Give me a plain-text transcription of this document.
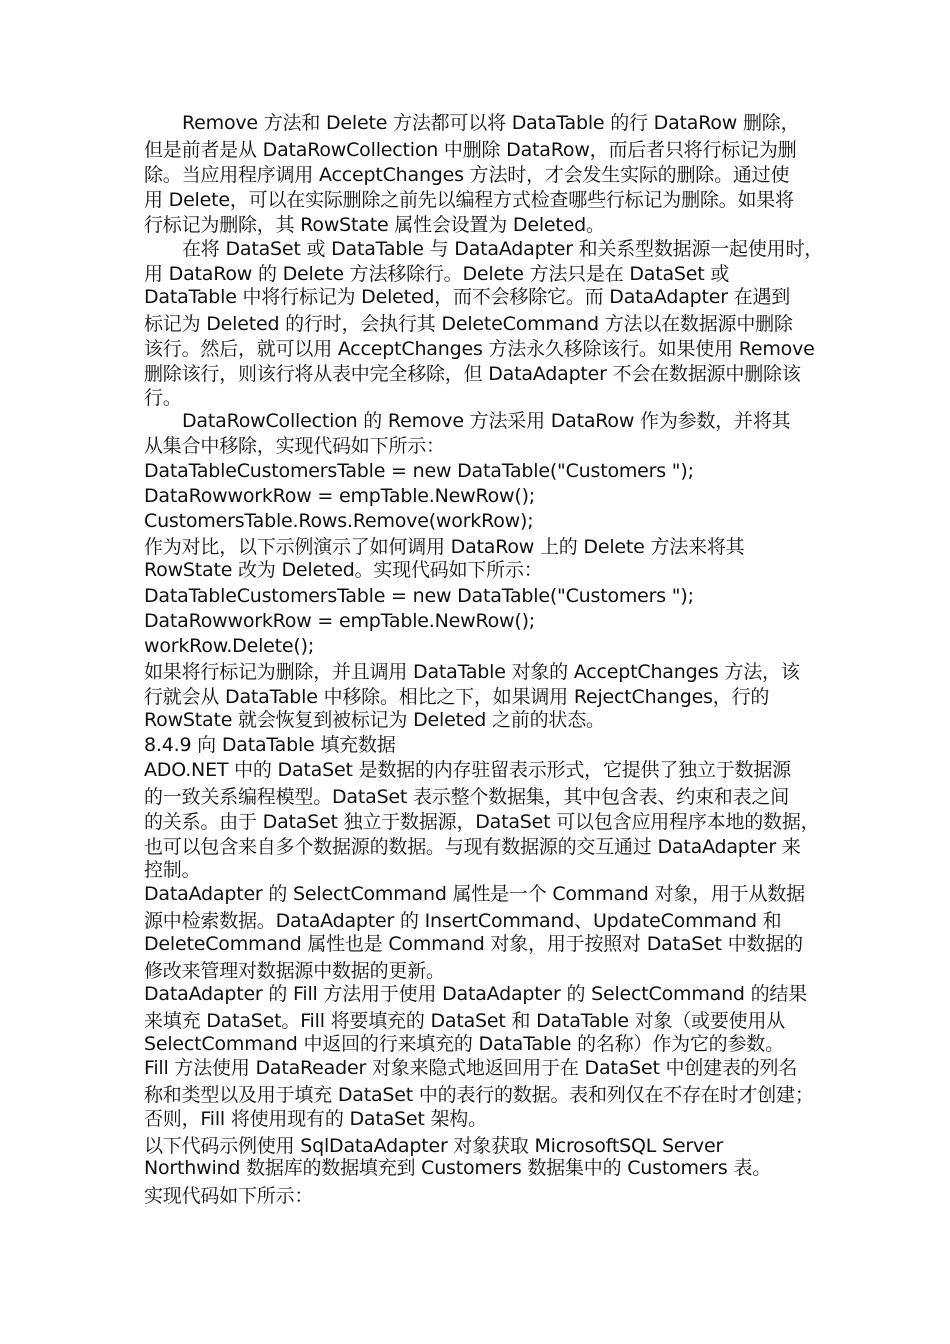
Remove 方法和 Delete 方法都可以将 DataTable 的行 DataRow 删除，
但是前者是从 DataRowCollection 中删除 DataRow，而后者只将行标记为删
除。当应用程序调用 AcceptChanges 方法时，才会发生实际的删除。通过使
用 Delete，可以在实际删除之前先以编程方式检查哪些行标记为删除。如果将
行标记为删除，其 RowState 属性会设置为 Deleted。
在将 DataSet 或 DataTable 与 DataAdapter 和关系型数据源一起使用时，
用 DataRow 的 Delete 方法移除行。Delete 方法只是在 DataSet 或
DataTable 中将行标记为 Deleted，而不会移除它。而 DataAdapter 在遇到
标记为 Deleted 的行时，会执行其 DeleteCommand 方法以在数据源中删除
该行。然后，就可以用 AcceptChanges 方法永久移除该行。如果使用 Remove
删除该行，则该行将从表中完全移除，但 DataAdapter 不会在数据源中删除该
行。
DataRowCollection 的 Remove 方法采用 DataRow 作为参数，并将其
从集合中移除，实现代码如下所示：
DataTableCustomersTable = new DataTable("Customers ");
DataRowworkRow = empTable.NewRow();
CustomersTable.Rows.Remove(workRow);
作为对比，以下示例演示了如何调用 DataRow 上的 Delete 方法来将其
RowState 改为 Deleted。实现代码如下所示：
DataTableCustomersTable = new DataTable("Customers ");
DataRowworkRow = empTable.NewRow();
workRow.Delete();
如果将行标记为删除，并且调用 DataTable 对象的 AcceptChanges 方法，该
行就会从 DataTable 中移除。相比之下，如果调用 RejectChanges，行的
RowState 就会恢复到被标记为 Deleted 之前的状态。
8.4.9 向 DataTable 填充数据
ADO.NET 中的 DataSet 是数据的内存驻留表示形式，它提供了独立于数据源
的一致关系编程模型。DataSet 表示整个数据集，其中包含表、约束和表之间
的关系。由于 DataSet 独立于数据源，DataSet 可以包含应用程序本地的数据，
也可以包含来自多个数据源的数据。与现有数据源的交互通过 DataAdapter 来
控制。
DataAdapter 的 SelectCommand 属性是一个 Command 对象，用于从数据
源中检索数据。DataAdapter 的 InsertCommand、UpdateCommand 和
DeleteCommand 属性也是 Command 对象，用于按照对 DataSet 中数据的
修改来管理对数据源中数据的更新。
DataAdapter 的 Fill 方法用于使用 DataAdapter 的 SelectCommand 的结果
来填充 DataSet。Fill 将要填充的 DataSet 和 DataTable 对象（或要使用从
SelectCommand 中返回的行来填充的 DataTable 的名称）作为它的参数。
Fill 方法使用 DataReader 对象来隐式地返回用于在 DataSet 中创建表的列名
称和类型以及用于填充 DataSet 中的表行的数据。表和列仅在不存在时才创建；
否则，Fill 将使用现有的 DataSet 架构。
以下代码示例使用 SqlDataAdapter 对象获取 MicrosoftSQL Server
Northwind 数据库的数据填充到 Customers 数据集中的 Customers 表。
实现代码如下所示：
